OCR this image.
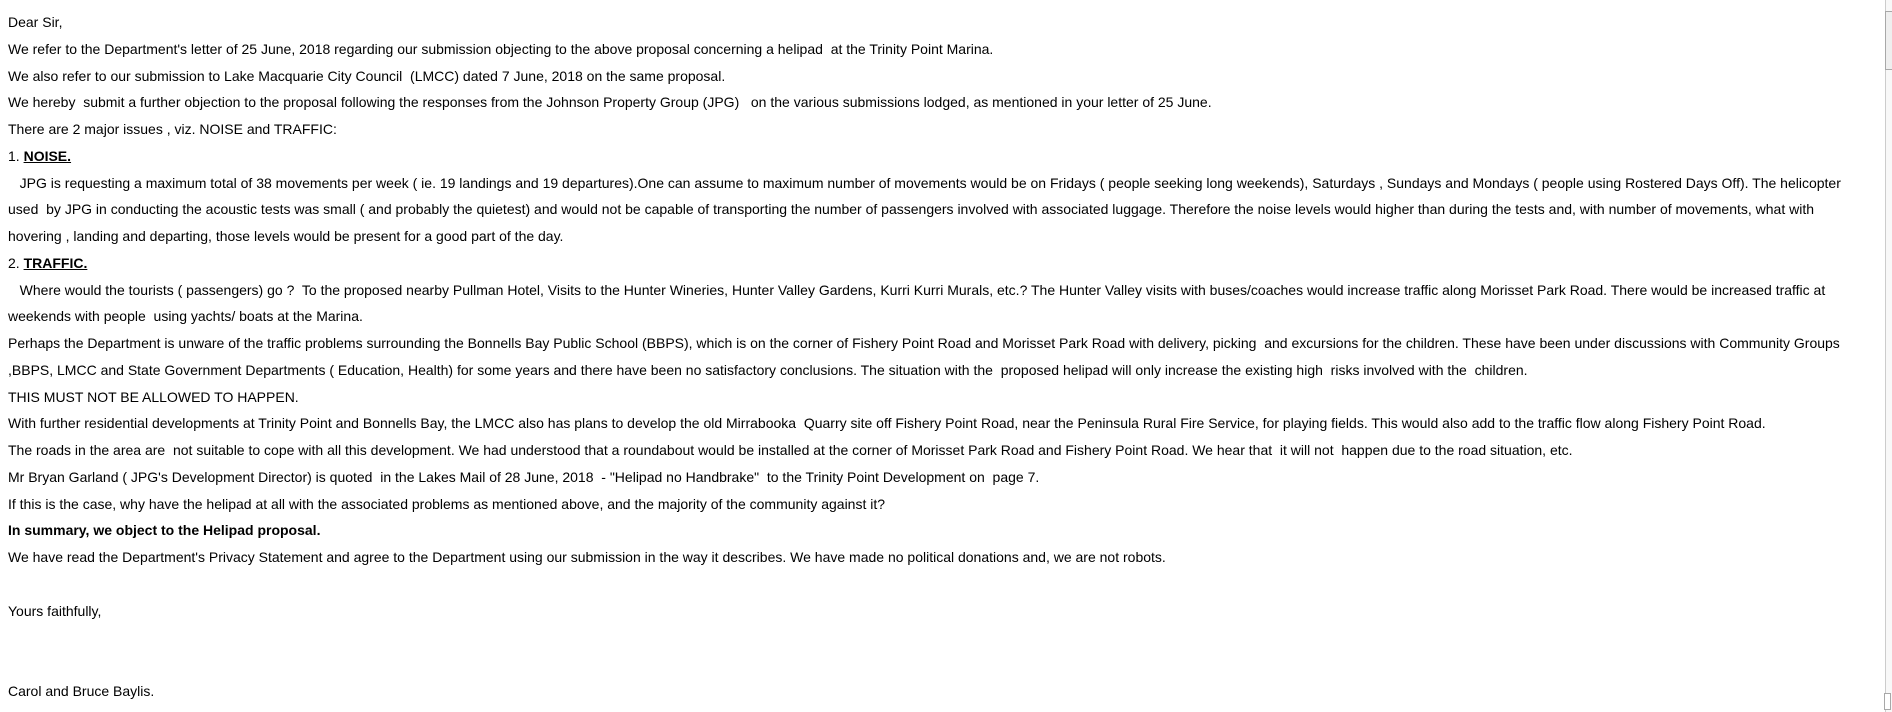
Dear Sir,
We refer to the Department's letter of 25 June, 2018 regarding our submission objecting to the above proposal concerning a helipad  at the Trinity Point Marina.
We also refer to our submission to Lake Macquarie City Council  (LMCC) dated 7 June, 2018 on the same proposal.
We hereby  submit a further objection to the proposal following the responses from the Johnson Property Group (JPG)   on the various submissions lodged, as mentioned in your letter of 25 June.
There are 2 major issues , viz. NOISE and TRAFFIC:
1. NOISE.
JPG is requesting a maximum total of 38 movements per week ( ie. 19 landings and 19 departures).One can assume to maximum number of movements would be on Fridays ( people seeking long weekends), Saturdays , Sundays and Mondays ( people using Rostered Days Off). The helicopter used  by JPG in conducting the acoustic tests was small ( and probably the quietest) and would not be capable of transporting the number of passengers involved with associated luggage. Therefore the noise levels would higher than during the tests and, with number of movements, what with hovering , landing and departing, those levels would be present for a good part of the day.
2. TRAFFIC.
Where would the tourists ( passengers) go ?  To the proposed nearby Pullman Hotel, Visits to the Hunter Wineries, Hunter Valley Gardens, Kurri Kurri Murals, etc.? The Hunter Valley visits with buses/coaches would increase traffic along Morisset Park Road. There would be increased traffic at weekends with people  using yachts/ boats at the Marina.
Perhaps the Department is unware of the traffic problems surrounding the Bonnells Bay Public School (BBPS), which is on the corner of Fishery Point Road and Morisset Park Road with delivery, picking  and excursions for the children. These have been under discussions with Community Groups ,BBPS, LMCC and State Government Departments ( Education, Health) for some years and there have been no satisfactory conclusions. The situation with the  proposed helipad will only increase the existing high  risks involved with the  children.
THIS MUST NOT BE ALLOWED TO HAPPEN.
With further residential developments at Trinity Point and Bonnells Bay, the LMCC also has plans to develop the old Mirrabooka  Quarry site off Fishery Point Road, near the Peninsula Rural Fire Service, for playing fields. This would also add to the traffic flow along Fishery Point Road.
The roads in the area are  not suitable to cope with all this development. We had understood that a roundabout would be installed at the corner of Morisset Park Road and Fishery Point Road. We hear that  it will not  happen due to the road situation, etc.
Mr Bryan Garland ( JPG's Development Director) is quoted  in the Lakes Mail of 28 June, 2018  - "Helipad no Handbrake"  to the Trinity Point Development on  page 7.
If this is the case, why have the helipad at all with the associated problems as mentioned above, and the majority of the community against it?
In summary, we object to the Helipad proposal.
We have read the Department's Privacy Statement and agree to the Department using our submission in the way it describes. We have made no political donations and, we are not robots.

Yours faithfully,

Carol and Bruce Baylis.
